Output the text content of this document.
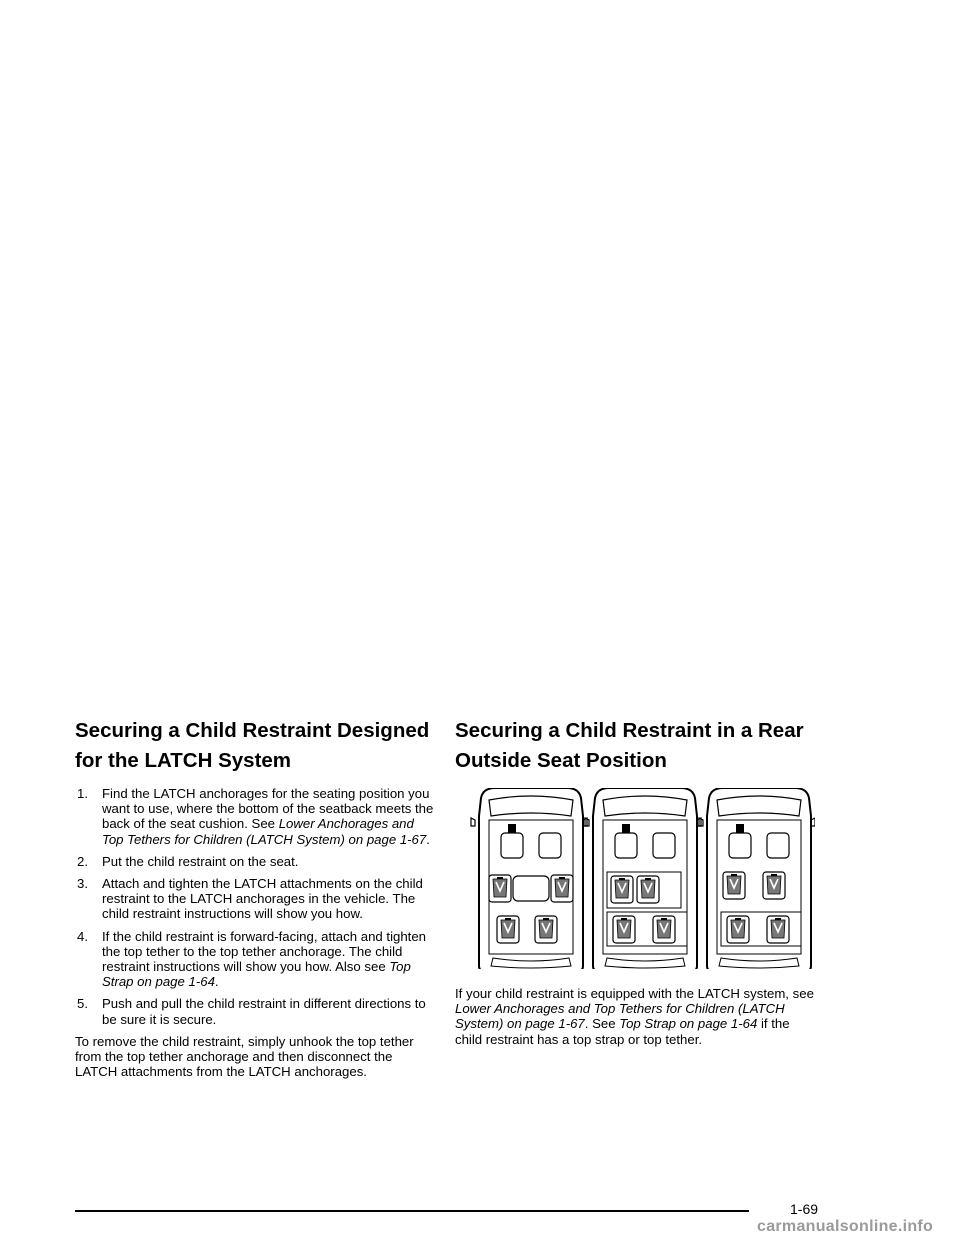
Securing a Child Restraint Designed for the LATCH System
1. Find the LATCH anchorages for the seating position you want to use, where the bottom of the seatback meets the back of the seat cushion. See Lower Anchorages and Top Tethers for Children (LATCH System) on page 1-67.
2. Put the child restraint on the seat.
3. Attach and tighten the LATCH attachments on the child restraint to the LATCH anchorages in the vehicle. The child restraint instructions will show you how.
4. If the child restraint is forward-facing, attach and tighten the top tether to the top tether anchorage. The child restraint instructions will show you how. Also see Top Strap on page 1-64.
5. Push and pull the child restraint in different directions to be sure it is secure.

To remove the child restraint, simply unhook the top tether from the top tether anchorage and then disconnect the LATCH attachments from the LATCH anchorages.

Securing a Child Restraint in a Rear Outside Seat Position

If your child restraint is equipped with the LATCH system, see Lower Anchorages and Top Tethers for Children (LATCH System) on page 1-67. See Top Strap on page 1-64 if the child restraint has a top strap or top tether.

1-69
carmanualsonline.info
